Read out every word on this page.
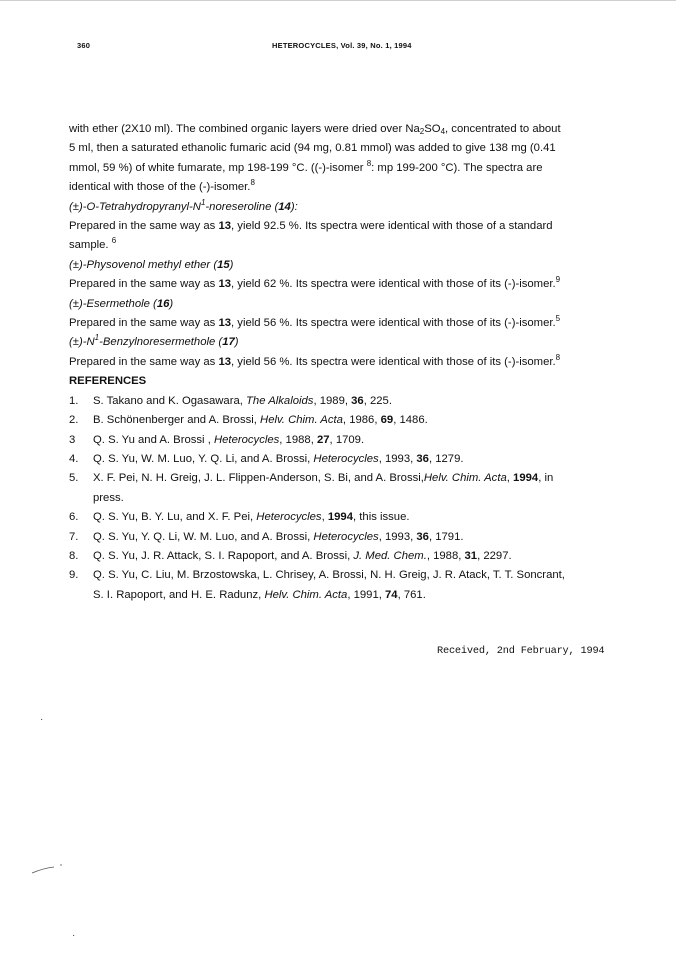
360	HETEROCYCLES, Vol. 39, No. 1, 1994

with ether (2X10 ml). The combined organic layers were dried over $Na_2SO_4$, concentrated to about
5 ml, then a saturated ethanolic fumaric acid (94 mg, 0.81 mmol) was added to give 138 mg (0.41
mmol, 59 %) of white fumarate, mp 198-199 °C. ((-)-isomer $^8$: mp 199-200 °C). The spectra are
identical with those of the (-)-isomer.$^8$

$(\pm)-O-Tetrahydropyranyl-N^1$-noreseroline (14):

Prepared in the same way as 13, yield 92.5 %. Its spectra were identical with those of a standard
sample. $^6$

(±)-Physovenol methyl ether (15)

Prepared in the same way as 13, yield 62 %. Its spectra were identical with those of its (-)-isomer.$^9$

(±)-Esermethole (16)

Prepared in the same way as 13, yield 56 %. Its spectra were identical with those of its (-)-isomer.$^5$

$(\pm)-N^1$-Benzylnoresermethole (17)

Prepared in the same way as 13, yield 56 %. Its spectra were identical with those of its (-)-isomer.$^8$

REFERENCES

1.	S. Takano and K. Ogasawara, The Alkaloids, 1989, 36, 225.
2.	B. Schönenberger and A. Brossi, Helv. Chim. Acta, 1986, 69, 1486.
3	Q. S. Yu and A. Brossi , Heterocycles, 1988, 27, 1709.
4.	Q. S. Yu, W. M. Luo, Y. Q. Li, and A. Brossi, Heterocycles, 1993, 36, 1279.
5.	X. F. Pei, N. H. Greig, J. L. Flippen-Anderson, S. Bi, and A. Brossi,Helv. Chim. Acta, 1994, in
press.
6.	Q. S. Yu, B. Y. Lu, and X. F. Pei, Heterocycles, 1994, this issue.
7.	Q. S. Yu, Y. Q. Li, W. M. Luo, and A. Brossi, Heterocycles, 1993, 36, 1791.
8.	Q. S. Yu, J. R. Attack, S. I. Rapoport, and A. Brossi, J. Med. Chem., 1988, 31, 2297.
9.	Q. S. Yu, C. Liu, M. Brzostowska, L. Chrisey, A. Brossi, N. H. Greig, J. R. Atack, T. T. Soncrant,
S. I. Rapoport, and H. E. Radunz, Helv. Chim. Acta, 1991, 74, 761.
Received, 2nd February, 1994
·
·
